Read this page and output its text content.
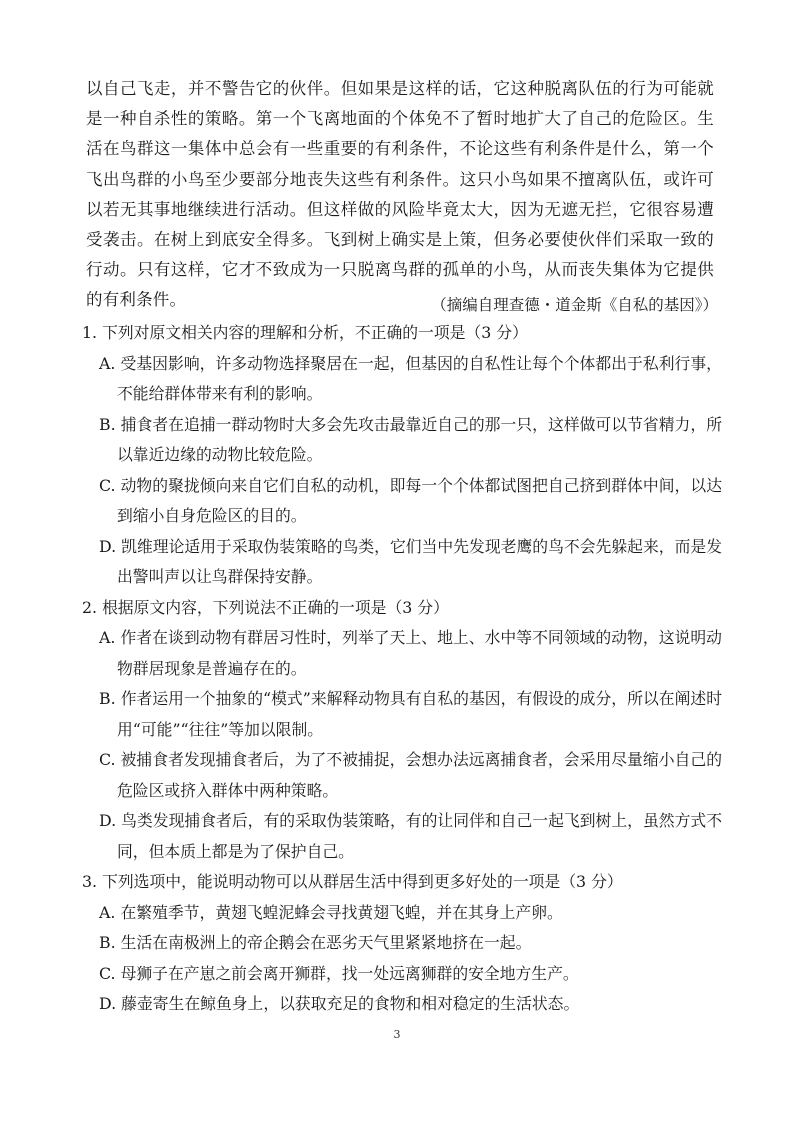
以自己飞走，并不警告它的伙伴。但如果是这样的话，它这种脱离队伍的行为可能就是一种自杀性的策略。第一个飞离地面的个体免不了暂时地扩大了自己的危险区。生活在鸟群这一集体中总会有一些重要的有利条件，不论这些有利条件是什么，第一个飞出鸟群的小鸟至少要部分地丧失这些有利条件。这只小鸟如果不擅离队伍，或许可以若无其事地继续进行活动。但这样做的风险毕竟太大，因为无遮无拦，它很容易遭受袭击。在树上到底安全得多。飞到树上确实是上策，但务必要使伙伴们采取一致的行动。只有这样，它才不致成为一只脱离鸟群的孤单的小鸟，从而丧失集体为它提供的有利条件。	（摘编自理查德・道金斯《自私的基因》）

1. 下列对原文相关内容的理解和分析，不正确的一项是（3 分）

A. 受基因影响，许多动物选择聚居在一起，但基因的自私性让每个个体都出于私利行事，不能给群体带来有利的影响。
B. 捕食者在追捕一群动物时大多会先攻击最靠近自己的那一只，这样做可以节省精力，所以靠近边缘的动物比较危险。
C. 动物的聚拢倾向来自它们自私的动机，即每一个个体都试图把自己挤到群体中间，以达到缩小自身危险区的目的。
D. 凯维理论适用于采取伪装策略的鸟类，它们当中先发现老鹰的鸟不会先躲起来，而是发出警叫声以让鸟群保持安静。

2. 根据原文内容，下列说法不正确的一项是（3 分）

A. 作者在谈到动物有群居习性时，列举了天上、地上、水中等不同领域的动物，这说明动物群居现象是普遍存在的。
B. 作者运用一个抽象的“模式”来解释动物具有自私的基因，有假设的成分，所以在阐述时用“可能”“往往”等加以限制。
C. 被捕食者发现捕食者后，为了不被捕捉，会想办法远离捕食者，会采用尽量缩小自己的危险区或挤入群体中两种策略。
D. 鸟类发现捕食者后，有的采取伪装策略，有的让同伴和自己一起飞到树上，虽然方式不同，但本质上都是为了保护自己。

3. 下列选项中，能说明动物可以从群居生活中得到更多好处的一项是（3 分）

A. 在繁殖季节，黄翅飞蝗泥蜂会寻找黄翅飞蝗，并在其身上产卵。
B. 生活在南极洲上的帝企鹅会在恶劣天气里紧紧地挤在一起。
C. 母狮子在产崽之前会离开狮群，找一处远离狮群的安全地方生产。
D. 藤壶寄生在鲸鱼身上，以获取充足的食物和相对稳定的生活状态。
3
